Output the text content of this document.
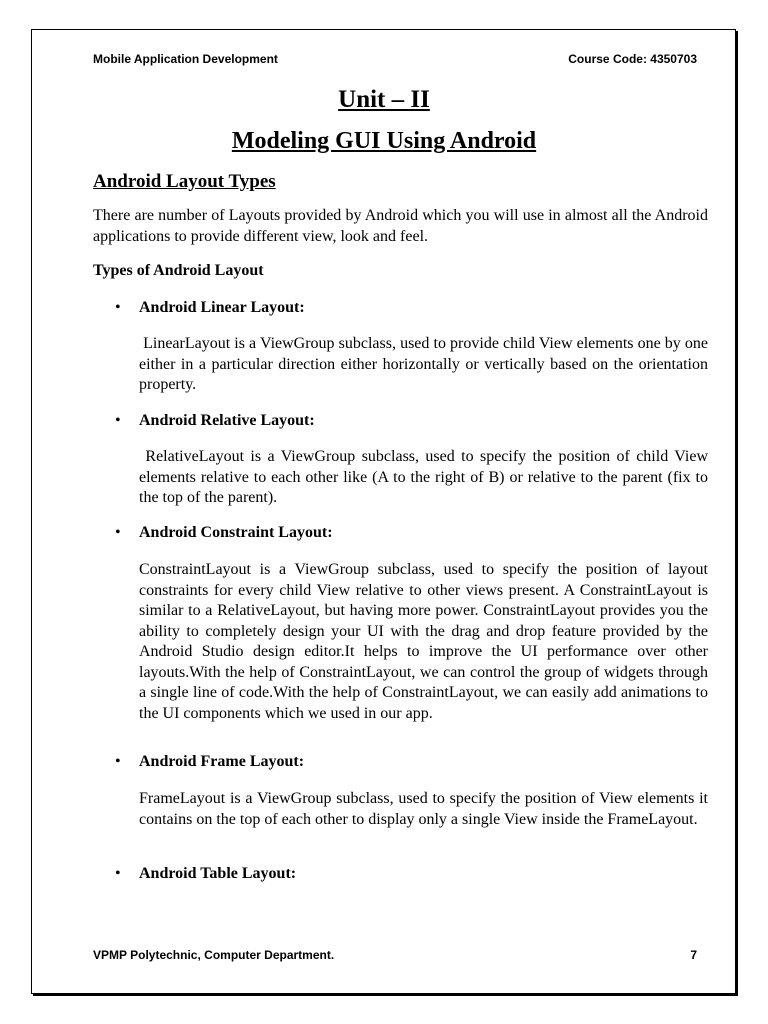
Mobile Application Development	Course Code: 4350703
Unit – II
Modeling GUI Using Android
Android Layout Types
There are number of Layouts provided by Android which you will use in almost all the Android applications to provide different view, look and feel.
Types of Android Layout
• Android Linear Layout:
LinearLayout is a ViewGroup subclass, used to provide child View elements one by one either in a particular direction either horizontally or vertically based on the orientation property.
• Android Relative Layout:
RelativeLayout is a ViewGroup subclass, used to specify the position of child View elements relative to each other like (A to the right of B) or relative to the parent (fix to the top of the parent).
• Android Constraint Layout:
ConstraintLayout is a ViewGroup subclass, used to specify the position of layout constraints for every child View relative to other views present. A ConstraintLayout is similar to a RelativeLayout, but having more power. ConstraintLayout provides you the ability to completely design your UI with the drag and drop feature provided by the Android Studio design editor.It helps to improve the UI performance over other layouts.With the help of ConstraintLayout, we can control the group of widgets through a single line of code.With the help of ConstraintLayout, we can easily add animations to the UI components which we used in our app.
• Android Frame Layout:
FrameLayout is a ViewGroup subclass, used to specify the position of View elements it contains on the top of each other to display only a single View inside the FrameLayout.
• Android Table Layout:
VPMP Polytechnic, Computer Department.	7
